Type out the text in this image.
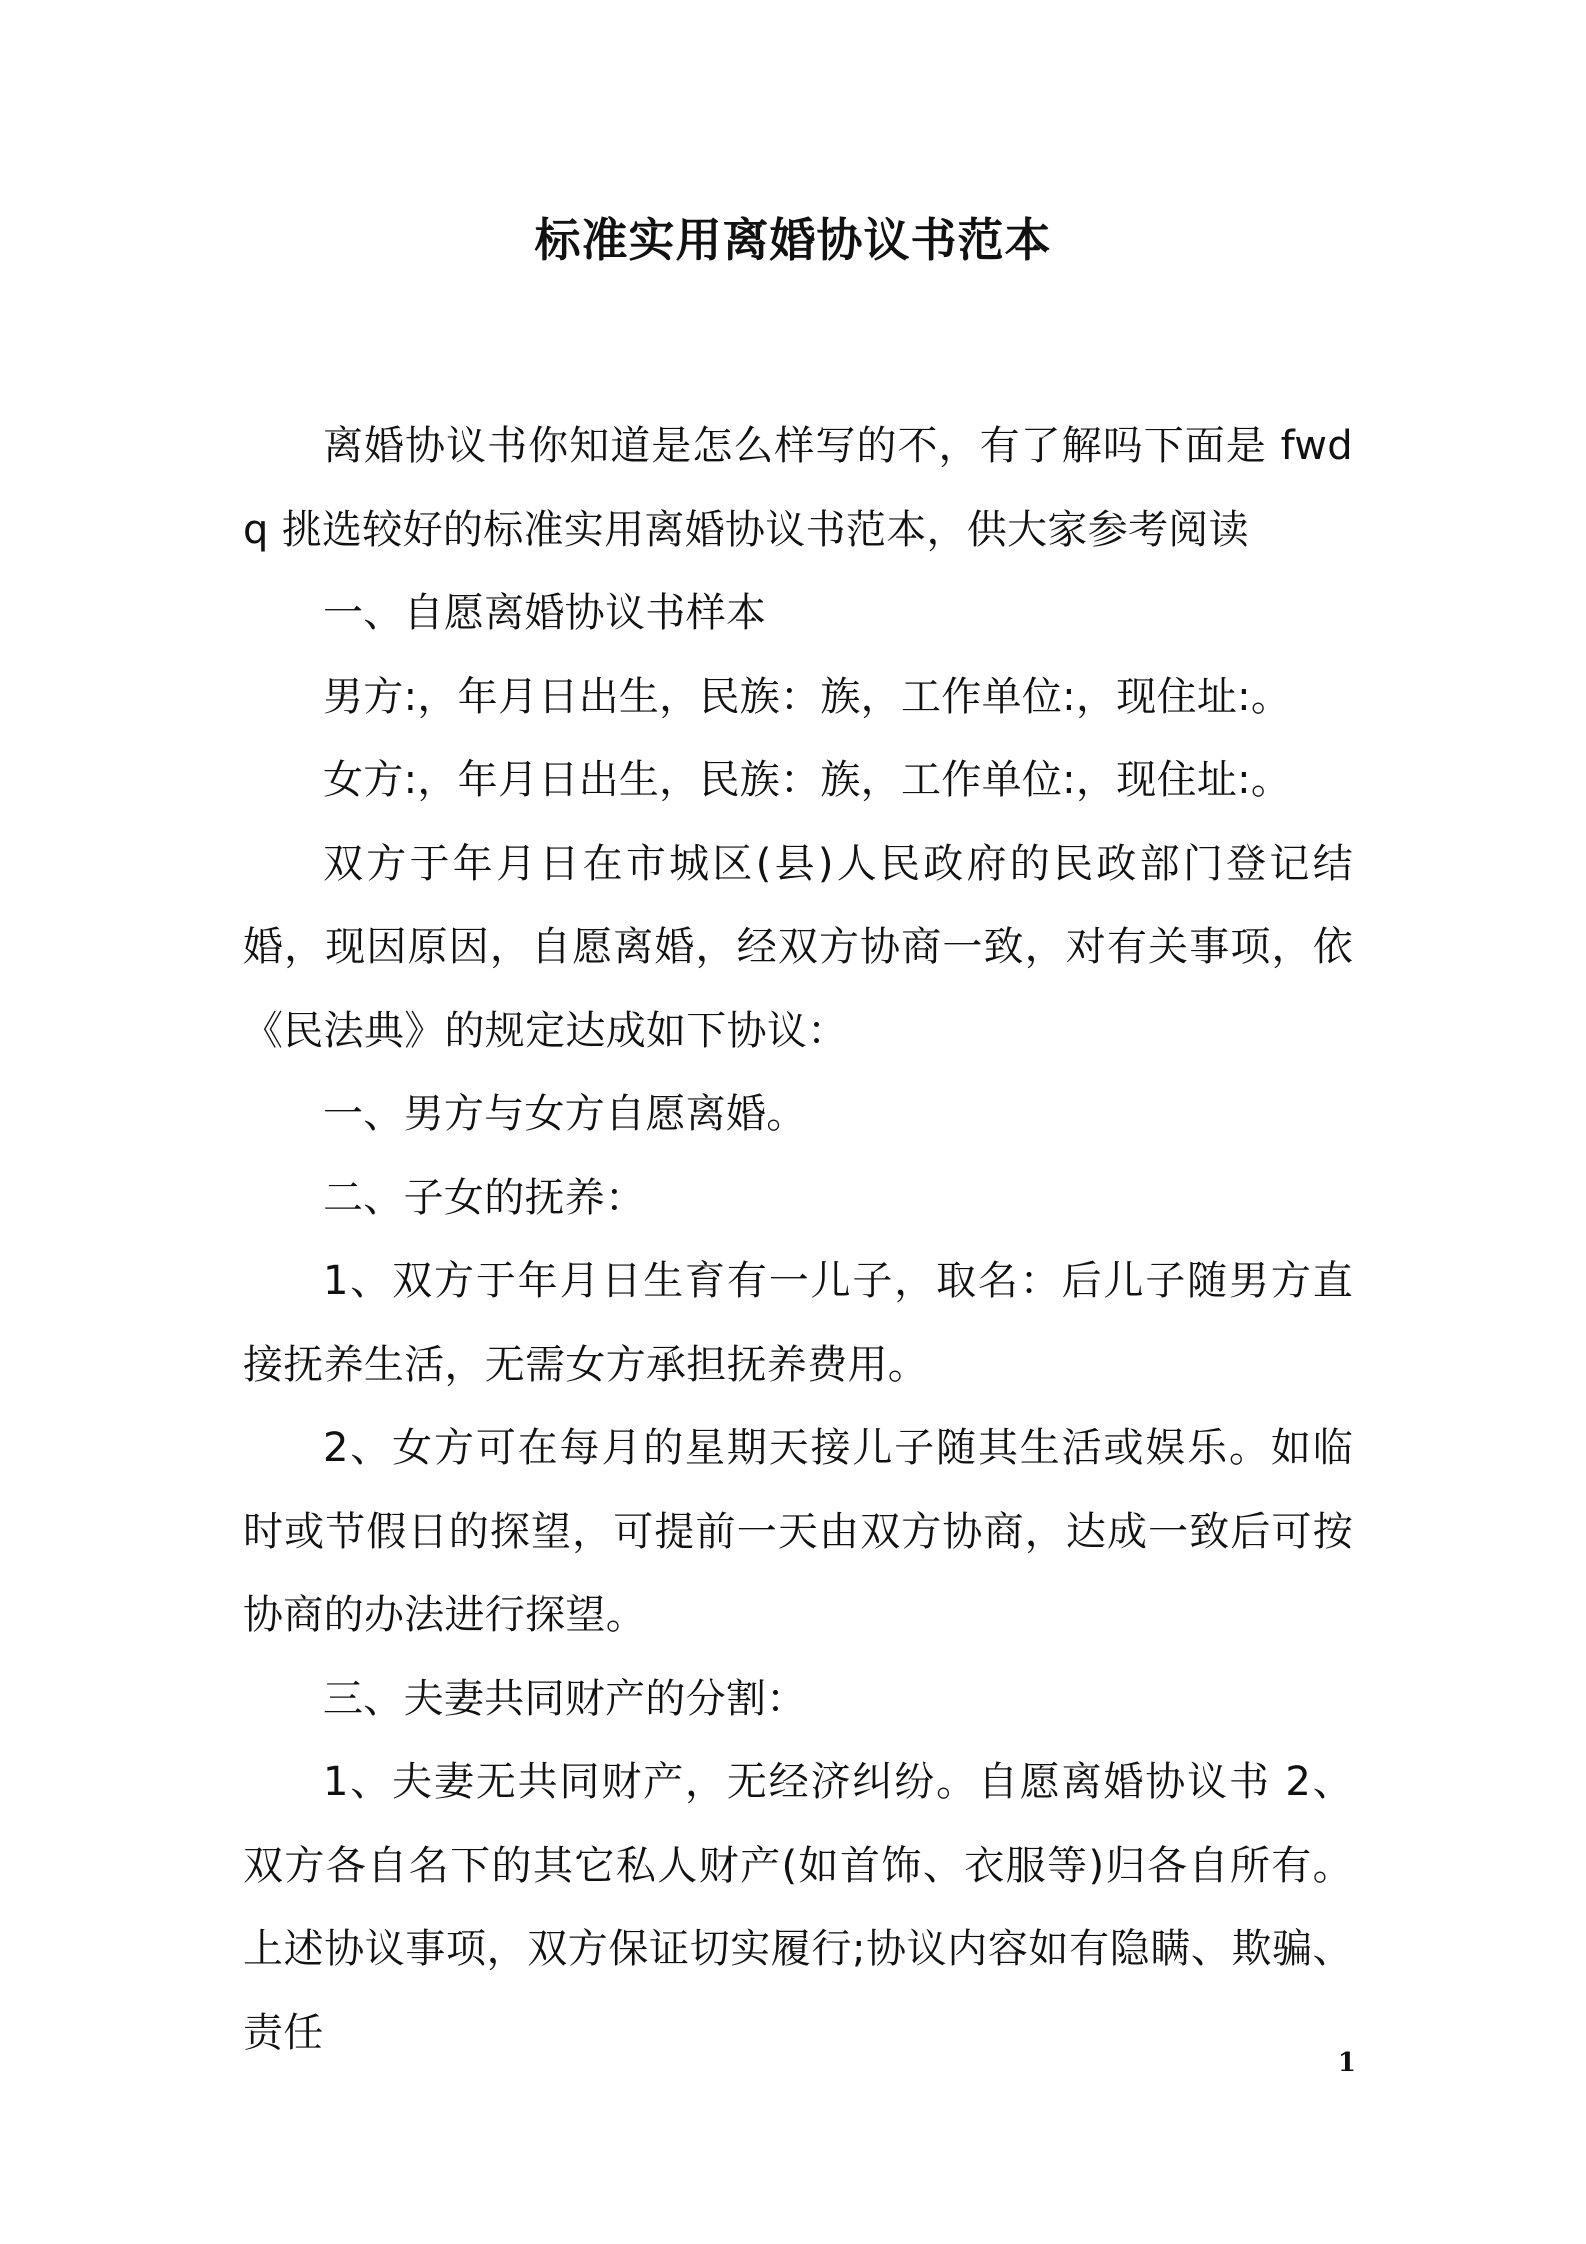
标准实用离婚协议书范本

离婚协议书你知道是怎么样写的不，有了解吗下面是 fwdq 挑选较好的标准实用离婚协议书范本，供大家参考阅读

一、自愿离婚协议书样本

男方:，年月日出生，民族：族，工作单位:，现住址:。

女方:，年月日出生，民族：族，工作单位:，现住址:。

双方于年月日在市城区(县)人民政府的民政部门登记结婚，现因原因，自愿离婚，经双方协商一致，对有关事项，依《民法典》的规定达成如下协议：

一、男方与女方自愿离婚。

二、子女的抚养：

1、双方于年月日生育有一儿子，取名：后儿子随男方直接抚养生活，无需女方承担抚养费用。

2、女方可在每月的星期天接儿子随其生活或娱乐。如临时或节假日的探望，可提前一天由双方协商，达成一致后可按协商的办法进行探望。

三、夫妻共同财产的分割：

1、夫妻无共同财产，无经济纠纷。自愿离婚协议书 2、双方各自名下的其它私人财产(如首饰、衣服等)归各自所有。上述协议事项，双方保证切实履行;协议内容如有隐瞒、欺骗、责任

1
